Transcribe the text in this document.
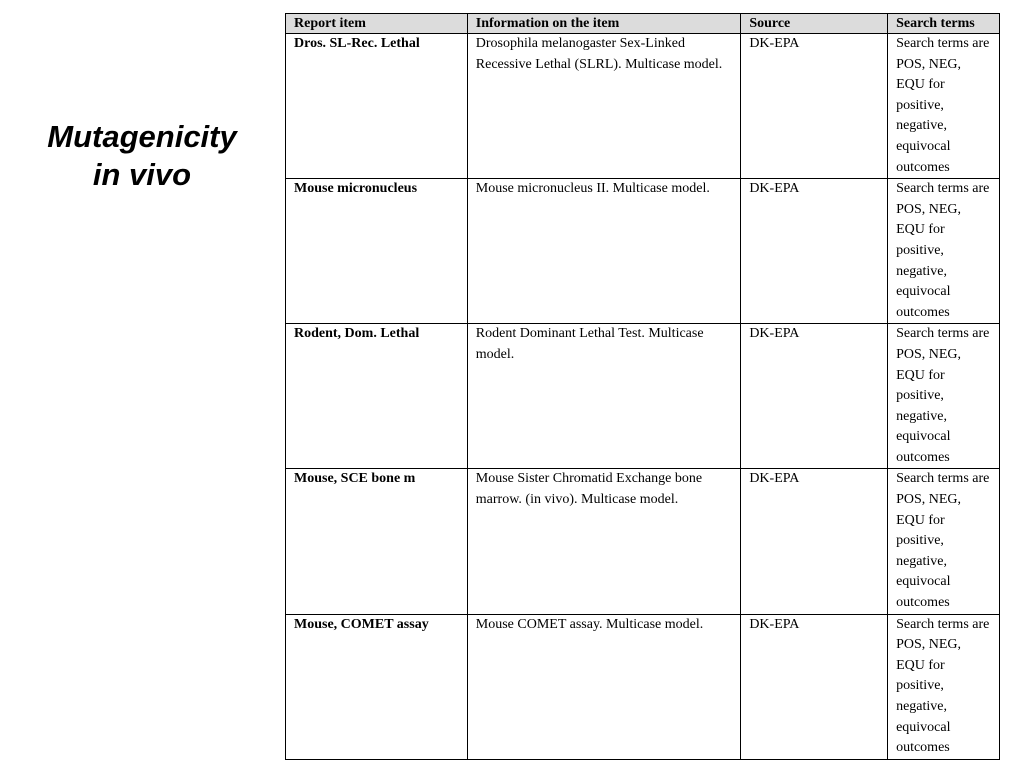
Mutagenicity
in vivo
Report item	Information on the item	Source	Search terms
Dros. SL-Rec. Lethal	Drosophila melanogaster Sex-Linked Recessive Lethal (SLRL). Multicase model.	DK-EPA	Search terms are POS, NEG, EQU for positive, negative, equivocal outcomes
Mouse micronucleus	Mouse micronucleus II. Multicase model.	DK-EPA	Search terms are POS, NEG, EQU for positive, negative, equivocal outcomes
Rodent, Dom. Lethal	Rodent Dominant Lethal Test. Multicase model.	DK-EPA	Search terms are POS, NEG, EQU for positive, negative, equivocal outcomes
Mouse, SCE bone m	Mouse Sister Chromatid Exchange bone marrow. (in vivo). Multicase model.	DK-EPA	Search terms are POS, NEG, EQU for positive, negative, equivocal outcomes
Mouse, COMET assay	Mouse COMET assay. Multicase model.	DK-EPA	Search terms are POS, NEG, EQU for positive, negative, equivocal outcomes
